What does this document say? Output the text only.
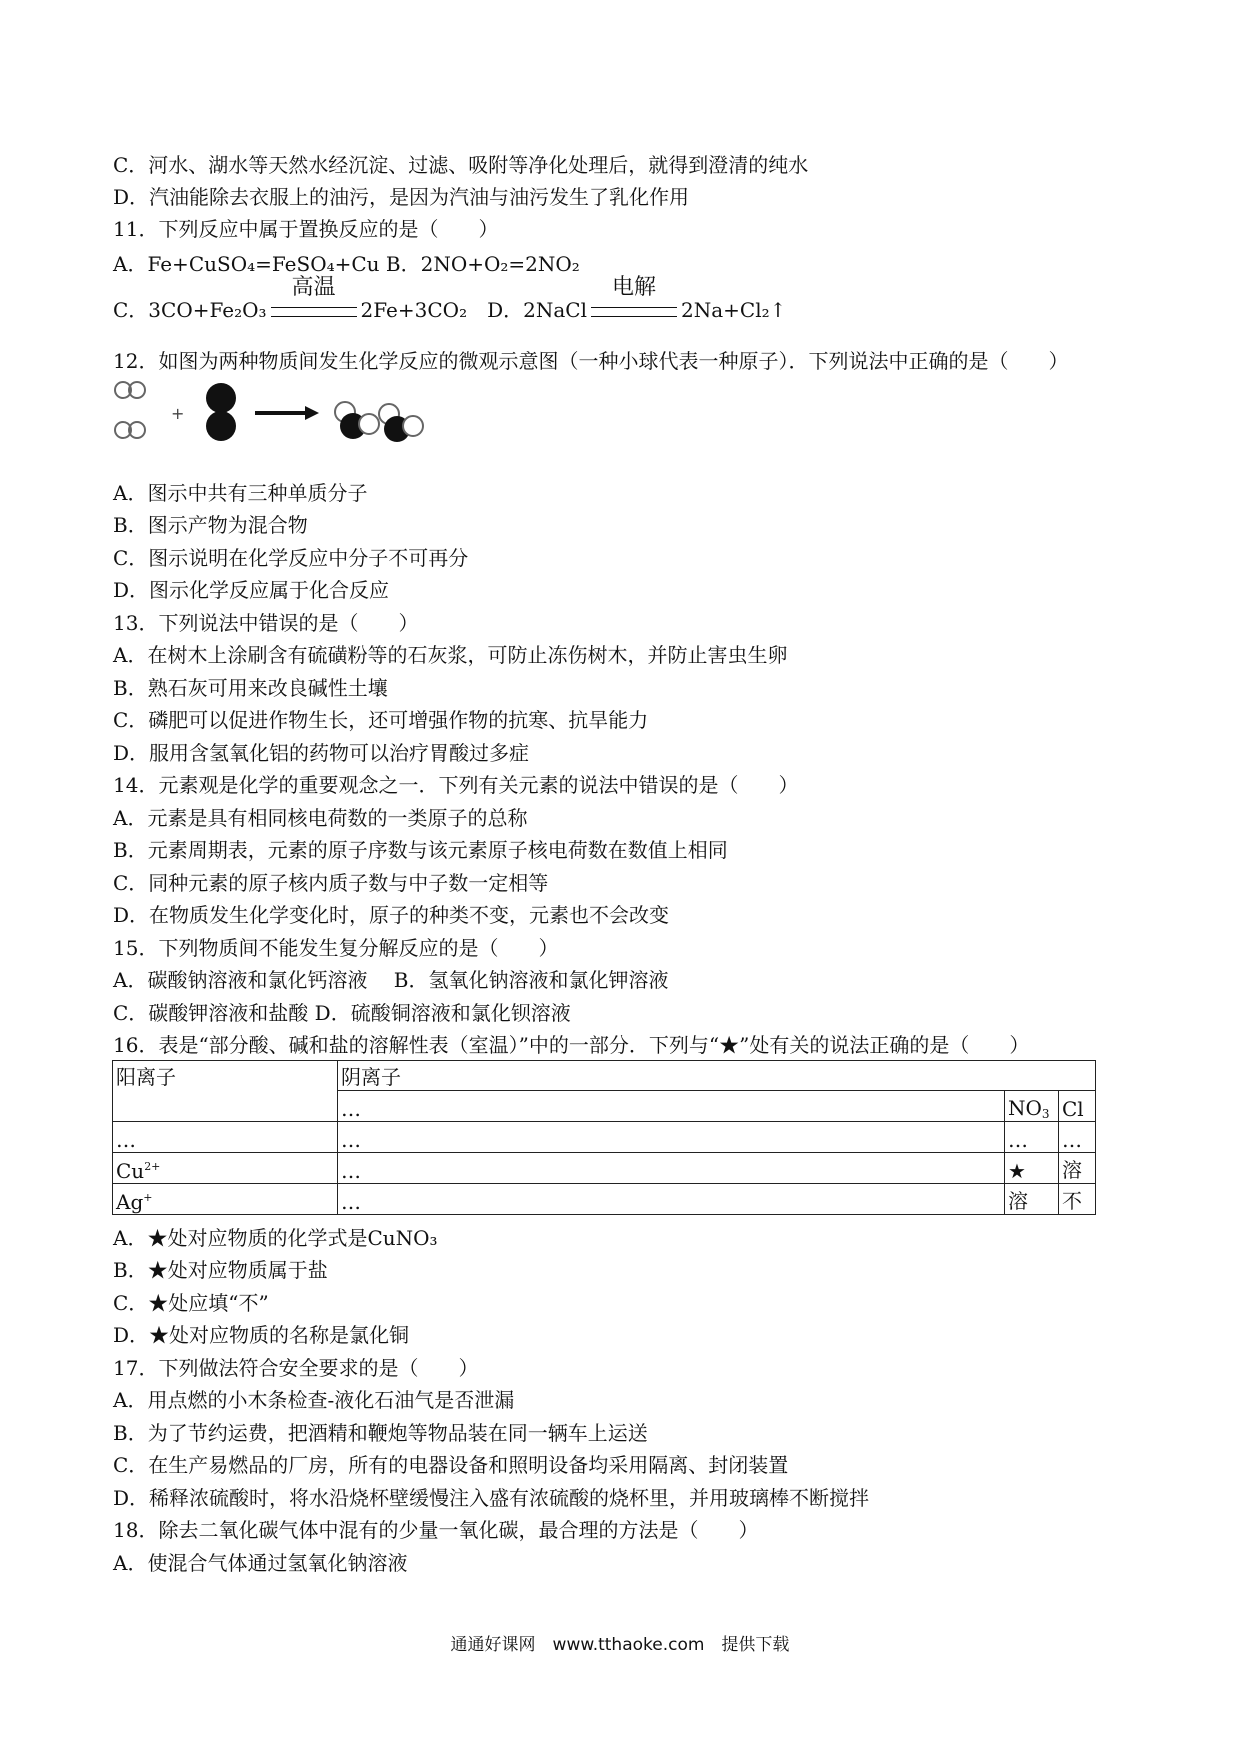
C．河水、湖水等天然水经沉淀、过滤、吸附等净化处理后，就得到澄清的纯水
D．汽油能除去衣服上的油污，是因为汽油与油污发生了乳化作用
11．下列反应中属于置换反应的是（　　）
A．Fe+CuSO₄=FeSO₄+Cu B．2NO+O₂=2NO₂
C．3CO+Fe₂O₃
高温
2Fe+3CO₂　D．2NaCl
电解
2Na+Cl₂↑
12．如图为两种物质间发生化学反应的微观示意图（一种小球代表一种原子）．下列说法中正确的是（　　）
+
A．图示中共有三种单质分子
B．图示产物为混合物
C．图示说明在化学反应中分子不可再分
D．图示化学反应属于化合反应
13．下列说法中错误的是（　　）
A．在树木上涂刷含有硫磺粉等的石灰浆，可防止冻伤树木，并防止害虫生卵
B．熟石灰可用来改良碱性土壤
C．磷肥可以促进作物生长，还可增强作物的抗寒、抗旱能力
D．服用含氢氧化铝的药物可以治疗胃酸过多症
14．元素观是化学的重要观念之一．下列有关元素的说法中错误的是（　　）
A．元素是具有相同核电荷数的一类原子的总称
B．元素周期表，元素的原子序数与该元素原子核电荷数在数值上相同
C．同种元素的原子核内质子数与中子数一定相等
D．在物质发生化学变化时，原子的种类不变，元素也不会改变
15．下列物质间不能发生复分解反应的是（　　）
A．碳酸钠溶液和氯化钙溶液　 B．氢氧化钠溶液和氯化钾溶液
C．碳酸钾溶液和盐酸 D．硫酸铜溶液和氯化钡溶液
16．表是“部分酸、碱和盐的溶解性表（室温）”中的一部分．下列与“★”处有关的说法正确的是（　　）
阳离子	阴离子		
	…	$NO_3$	Cl
…	…	…	…
$Cu^{2+}$	…	★	溶
Ag+	…	溶	不
A．★处对应物质的化学式是CuNO₃
B．★处对应物质属于盐
C．★处应填“不”
D．★处对应物质的名称是氯化铜
17．下列做法符合安全要求的是（　　）
A．用点燃的小木条检查-液化石油气是否泄漏
B．为了节约运费，把酒精和鞭炮等物品装在同一辆车上运送
C．在生产易燃品的厂房，所有的电器设备和照明设备均采用隔离、封闭装置
D．稀释浓硫酸时，将水沿烧杯壁缓慢注入盛有浓硫酸的烧杯里，并用玻璃棒不断搅拌
18．除去二氧化碳气体中混有的少量一氧化碳，最合理的方法是（　　）
A．使混合气体通过氢氧化钠溶液
通通好课网　www.tthaoke.com　提供下载
